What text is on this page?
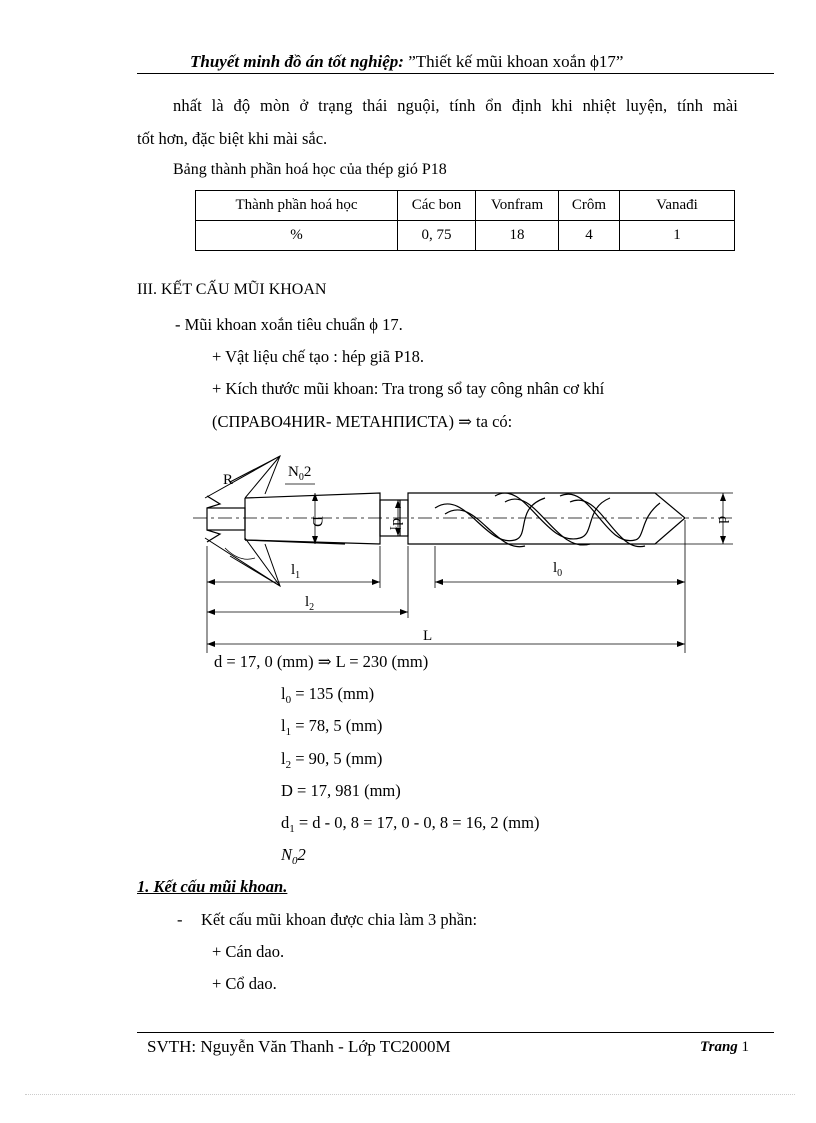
Thuyết minh đồ án tốt nghiệp: ”Thiết kế mũi khoan xoắn ϕ17”
nhất là độ mòn ở trạng thái nguội, tính ổn định khi nhiệt luyện, tính mài
tốt hơn, đặc biệt khi mài sắc.
Bảng thành phần hoá học của thép gió P18
Thành phần hoá học	Các bon	Vonfram	Crôm	Vanađi
%	0, 75	18	4	1
III. KẾT CẤU MŨI KHOAN
- Mũi khoan xoắn tiêu chuẩn ϕ 17.
+ Vật liệu chế tạo : hép giã P18.
+ Kích thước mũi khoan: Tra trong sổ tay công nhân cơ khí
(CПPABO4HИR- METAHПИCTA) ⇒ ta có:
$N_02$
R
D	$d_1$
d
$l_1$
$l_2$
$l_0$
L
d = 17, 0 (mm) ⇒ L = 230 (mm)
$l_0 = 135$ (mm)
$l_1 = 78$, 5 (mm)
$l_2 = 90$, 5 (mm)
D = 17, 981 (mm)
$d_1 = d - 0$, 8 = 17, 0 - 0, 8 = 16, 2 (mm)
$N_02$
1. Kết cấu mũi khoan.
- Kết cấu mũi khoan được chia làm 3 phần:
+ Cán dao.
+ Cổ dao.
SVTH: Nguyễn Văn Thanh - Lớp TC2000M	Trang 1
